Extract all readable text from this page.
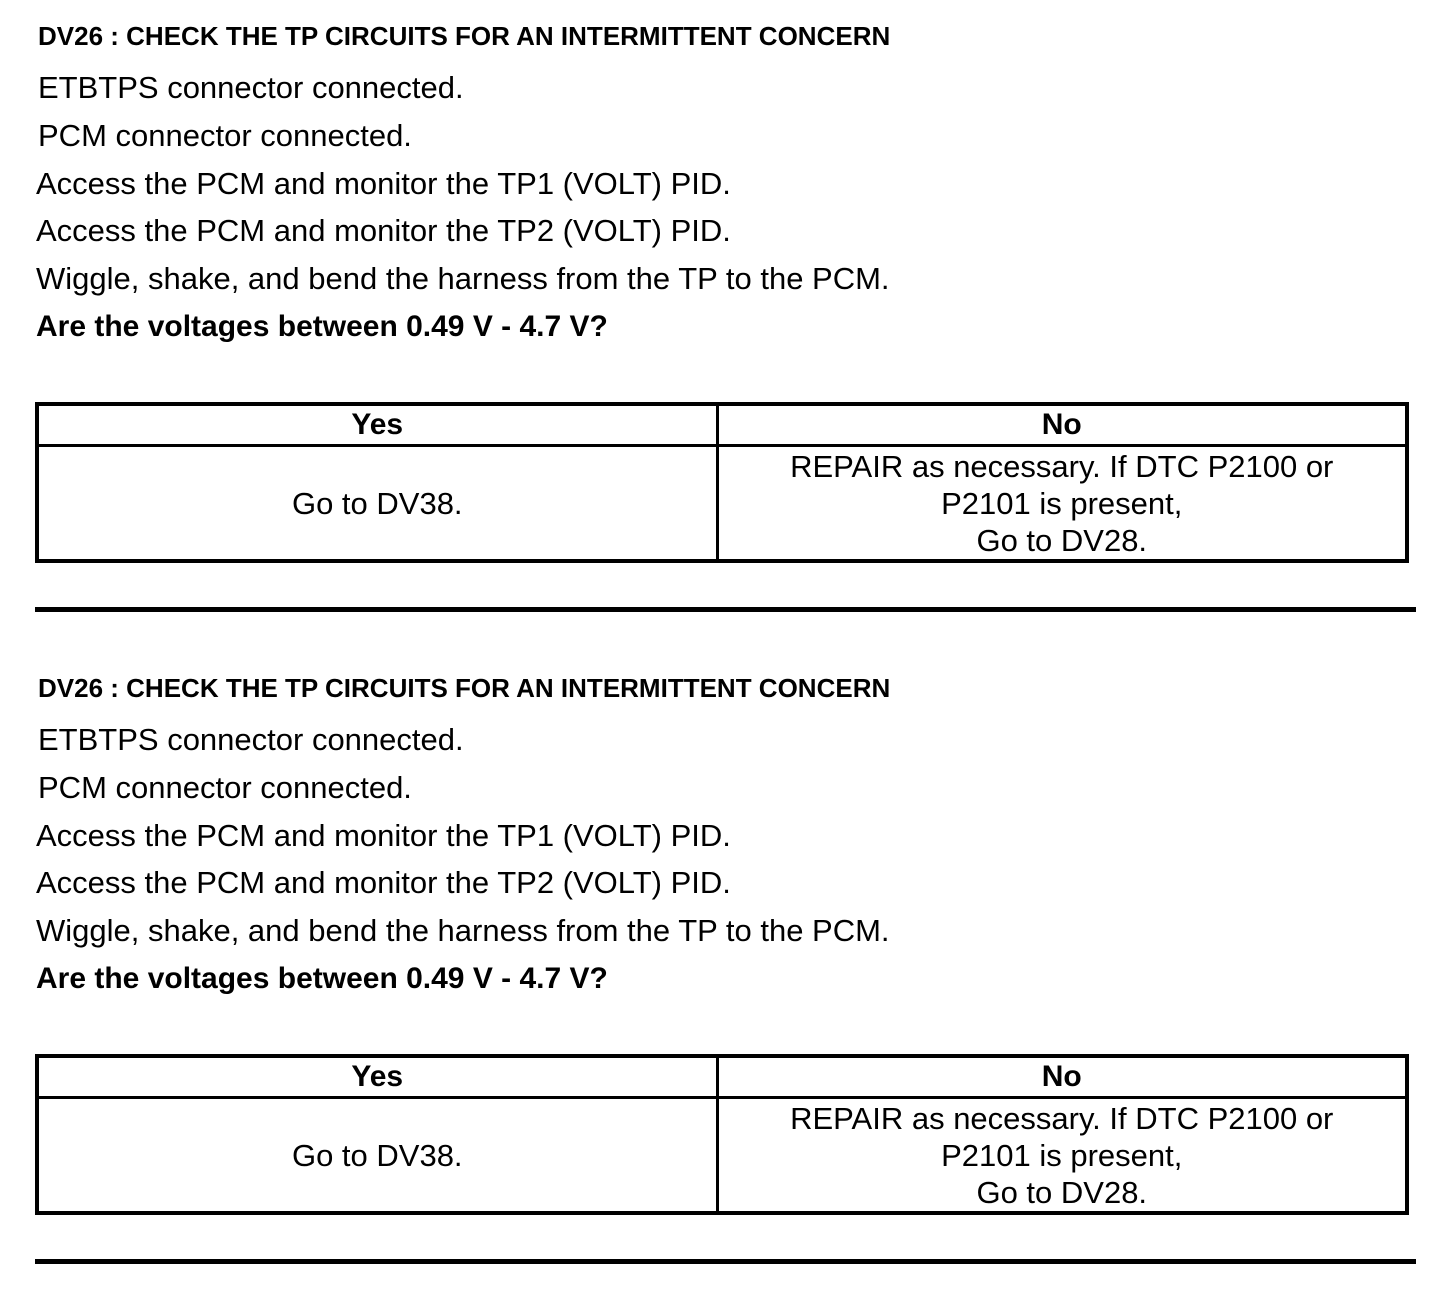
DV26 : CHECK THE TP CIRCUITS FOR AN INTERMITTENT CONCERN
ETBTPS connector connected.
PCM connector connected.
Access the PCM and monitor the TP1 (VOLT) PID.
Access the PCM and monitor the TP2 (VOLT) PID.
Wiggle, shake, and bend the harness from the TP to the PCM.
Are the voltages between 0.49 V - 4.7 V?
Yes	No
Go to DV38.	REPAIR as necessary. If DTC P2100 or
P2101 is present,
Go to DV28.
DV26 : CHECK THE TP CIRCUITS FOR AN INTERMITTENT CONCERN
ETBTPS connector connected.
PCM connector connected.
Access the PCM and monitor the TP1 (VOLT) PID.
Access the PCM and monitor the TP2 (VOLT) PID.
Wiggle, shake, and bend the harness from the TP to the PCM.
Are the voltages between 0.49 V - 4.7 V?
Yes	No
Go to DV38.	REPAIR as necessary. If DTC P2100 or
P2101 is present,
Go to DV28.
